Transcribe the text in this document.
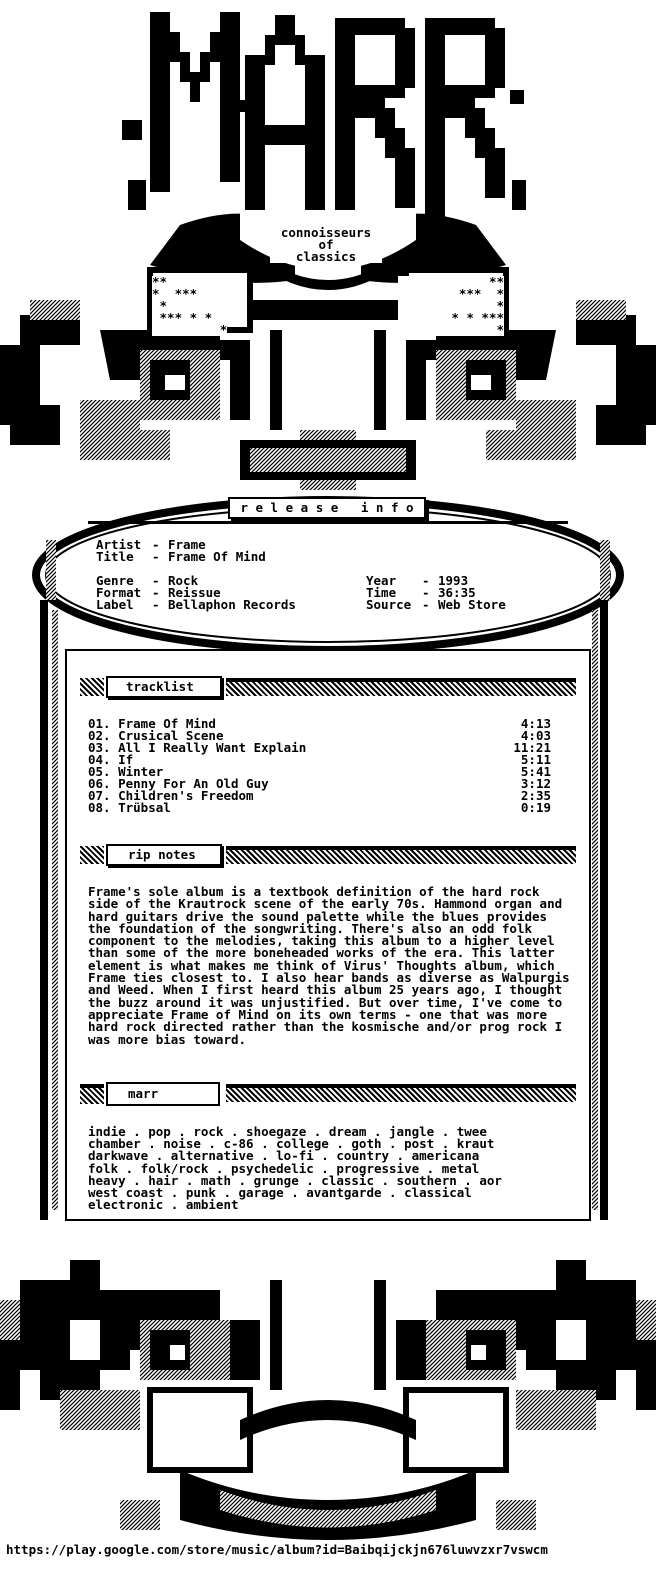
connoisseurs
of
classics
**
*  ***
*
*** * *
*
**
***  *
*
* * ***
*
r e l e a s e   i n f o
Artist - Frame
Title	- Frame Of Mind
Genre	- Rock	Year	- 1993
Format - Reissue	Time	- 36:35
Label	- Bellaphon Records	Source - Web Store
tracklist
01. Frame Of Mind	4:13
02. Crusical Scene	4:03
03. All I Really Want Explain	11:21
04. If	5:11
05. Winter	5:41
06. Penny For An Old Guy	3:12
07. Children's Freedom	2:35
08. Trübsal	0:19
rip notes
Frame's sole album is a textbook definition of the hard rock side of the Krautrock scene of the early 70s. Hammond organ and hard guitars drive the sound palette while the blues provides the foundation of the songwriting. There's also an odd folk component to the melodies, taking this album to a higher level than some of the more boneheaded works of the era. This latter element is what makes me think of Virus' Thoughts album, which Frame ties closest to. I also hear bands as diverse as Walpurgis and Weed. When I first heard this album 25 years ago, I thought the buzz around it was unjustified. But over time, I've come to appreciate Frame of Mind on its own terms - one that was more hard rock directed rather than the kosmische and/or prog rock I was more bias toward.
marr
indie . pop . rock . shoegaze . dream . jangle . twee
chamber . noise . c-86 . college . goth . post . kraut
darkwave . alternative . lo-fi . country . americana
folk . folk/rock . psychedelic . progressive . metal
heavy . hair . math . grunge . classic . southern . aor
west coast . punk . garage . avantgarde . classical
electronic . ambient
https://play.google.com/store/music/album?id=Baibqijckjn676luwvzxr7vswcm
